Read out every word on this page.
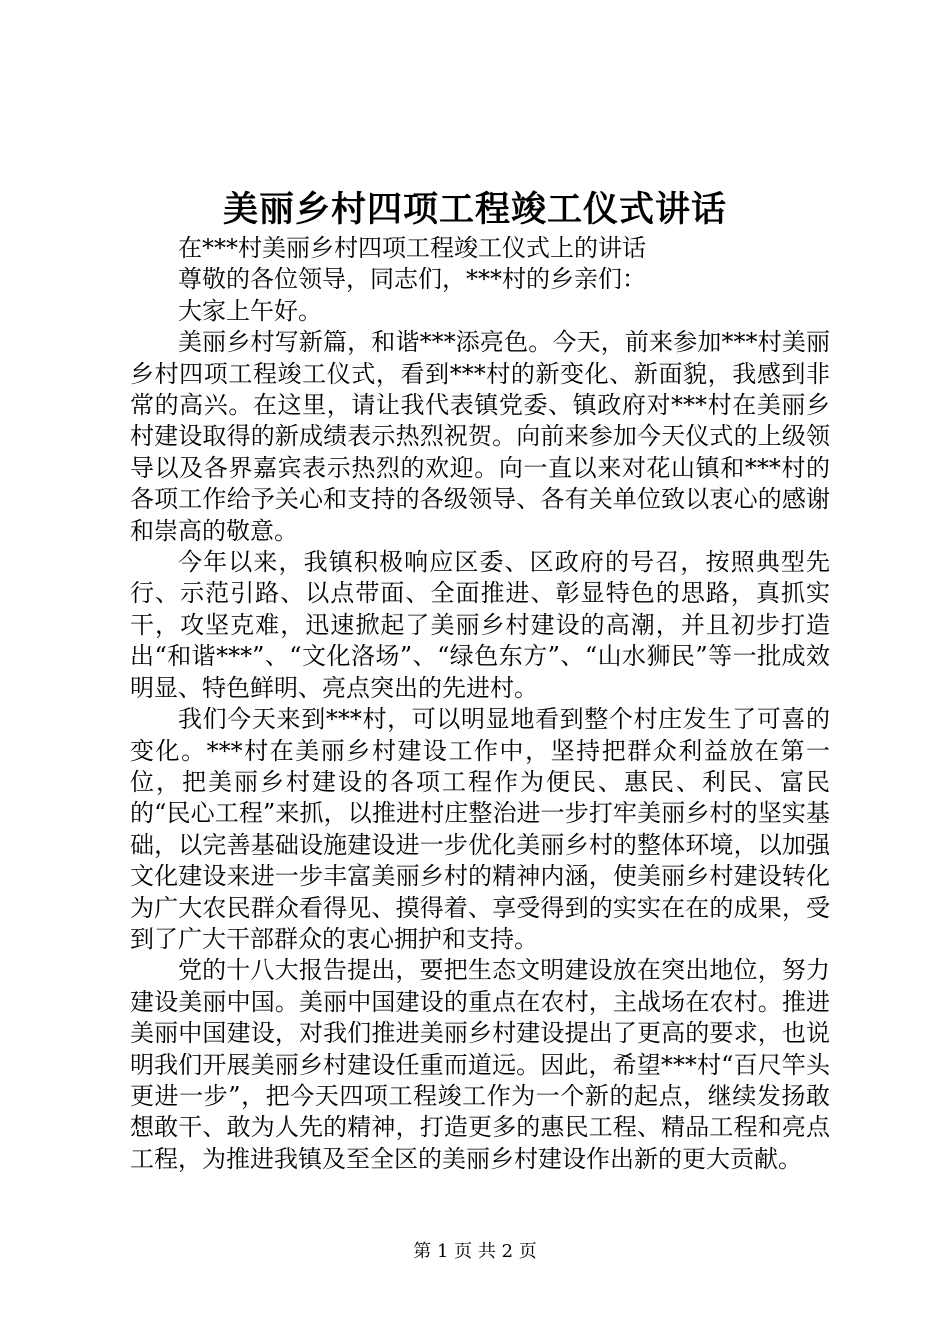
美丽乡村四项工程竣工仪式讲话

在***村美丽乡村四项工程竣工仪式上的讲话

尊敬的各位领导，同志们，***村的乡亲们：

大家上午好。

美丽乡村写新篇，和谐***添亮色。今天，前来参加***村美丽乡村四项工程竣工仪式，看到***村的新变化、新面貌，我感到非常的高兴。在这里，请让我代表镇党委、镇政府对***村在美丽乡村建设取得的新成绩表示热烈祝贺。向前来参加今天仪式的上级领导以及各界嘉宾表示热烈的欢迎。向一直以来对花山镇和***村的各项工作给予关心和支持的各级领导、各有关单位致以衷心的感谢和崇高的敬意。

今年以来，我镇积极响应区委、区政府的号召，按照典型先行、示范引路、以点带面、全面推进、彰显特色的思路，真抓实干，攻坚克难，迅速掀起了美丽乡村建设的高潮，并且初步打造出“和谐***”、“文化洛场”、“绿色东方”、“山水狮民”等一批成效明显、特色鲜明、亮点突出的先进村。

我们今天来到***村，可以明显地看到整个村庄发生了可喜的变化。***村在美丽乡村建设工作中，坚持把群众利益放在第一位，把美丽乡村建设的各项工程作为便民、惠民、利民、富民的“民心工程”来抓，以推进村庄整治进一步打牢美丽乡村的坚实基础，以完善基础设施建设进一步优化美丽乡村的整体环境，以加强文化建设来进一步丰富美丽乡村的精神内涵，使美丽乡村建设转化为广大农民群众看得见、摸得着、享受得到的实实在在的成果，受到了广大干部群众的衷心拥护和支持。

党的十八大报告提出，要把生态文明建设放在突出地位，努力建设美丽中国。美丽中国建设的重点在农村，主战场在农村。推进美丽中国建设，对我们推进美丽乡村建设提出了更高的要求，也说明我们开展美丽乡村建设任重而道远。因此，希望***村“百尺竿头更进一步”，把今天四项工程竣工作为一个新的起点，继续发扬敢想敢干、敢为人先的精神，打造更多的惠民工程、精品工程和亮点工程，为推进我镇及至全区的美丽乡村建设作出新的更大贡献。

第 1 页 共 2 页
